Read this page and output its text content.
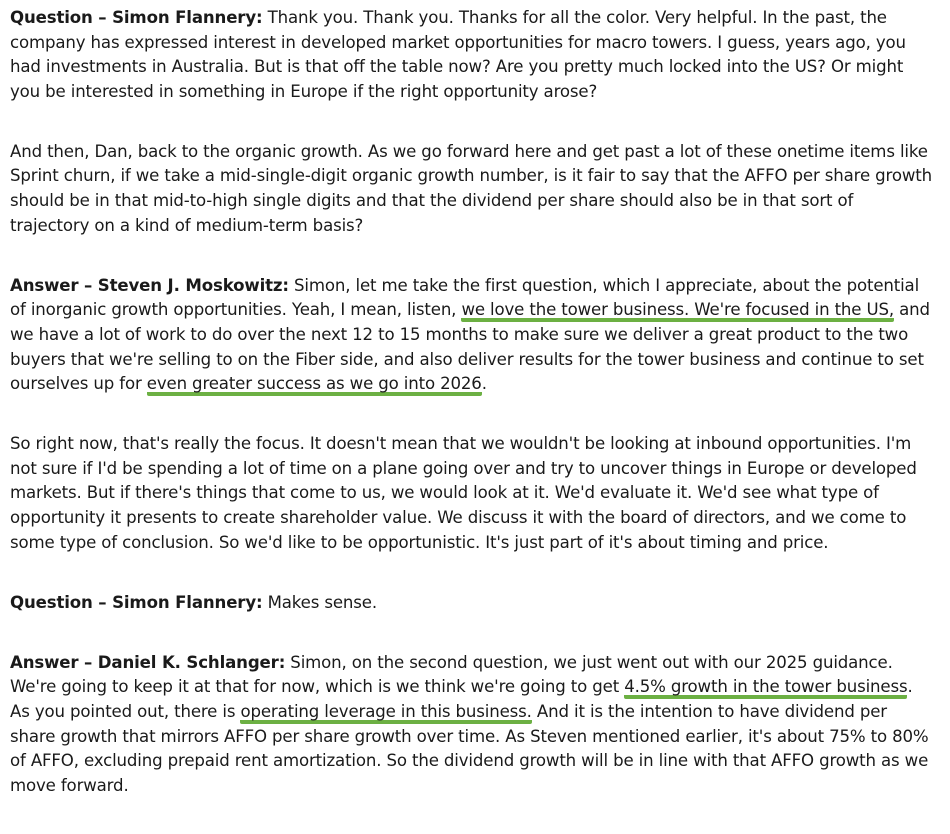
Question – Simon Flannery: Thank you. Thank you. Thanks for all the color. Very helpful. In the past, the company has expressed interest in developed market opportunities for macro towers. I guess, years ago, you had investments in Australia. But is that off the table now? Are you pretty much locked into the US? Or might you be interested in something in Europe if the right opportunity arose?

And then, Dan, back to the organic growth. As we go forward here and get past a lot of these onetime items like Sprint churn, if we take a mid-single-digit organic growth number, is it fair to say that the AFFO per share growth should be in that mid-to-high single digits and that the dividend per share should also be in that sort of trajectory on a kind of medium-term basis?

Answer – Steven J. Moskowitz: Simon, let me take the first question, which I appreciate, about the potential of inorganic growth opportunities. Yeah, I mean, listen, we love the tower business. We're focused in the US, and we have a lot of work to do over the next 12 to 15 months to make sure we deliver a great product to the two buyers that we're selling to on the Fiber side, and also deliver results for the tower business and continue to set ourselves up for even greater success as we go into 2026.

So right now, that's really the focus. It doesn't mean that we wouldn't be looking at inbound opportunities. I'm not sure if I'd be spending a lot of time on a plane going over and try to uncover things in Europe or developed markets. But if there's things that come to us, we would look at it. We'd evaluate it. We'd see what type of opportunity it presents to create shareholder value. We discuss it with the board of directors, and we come to some type of conclusion. So we'd like to be opportunistic. It's just part of it's about timing and price.

Question – Simon Flannery: Makes sense.

Answer – Daniel K. Schlanger: Simon, on the second question, we just went out with our 2025 guidance. We're going to keep it at that for now, which is we think we're going to get 4.5% growth in the tower business. As you pointed out, there is operating leverage in this business. And it is the intention to have dividend per share growth that mirrors AFFO per share growth over time. As Steven mentioned earlier, it's about 75% to 80% of AFFO, excluding prepaid rent amortization. So the dividend growth will be in line with that AFFO growth as we move forward.
